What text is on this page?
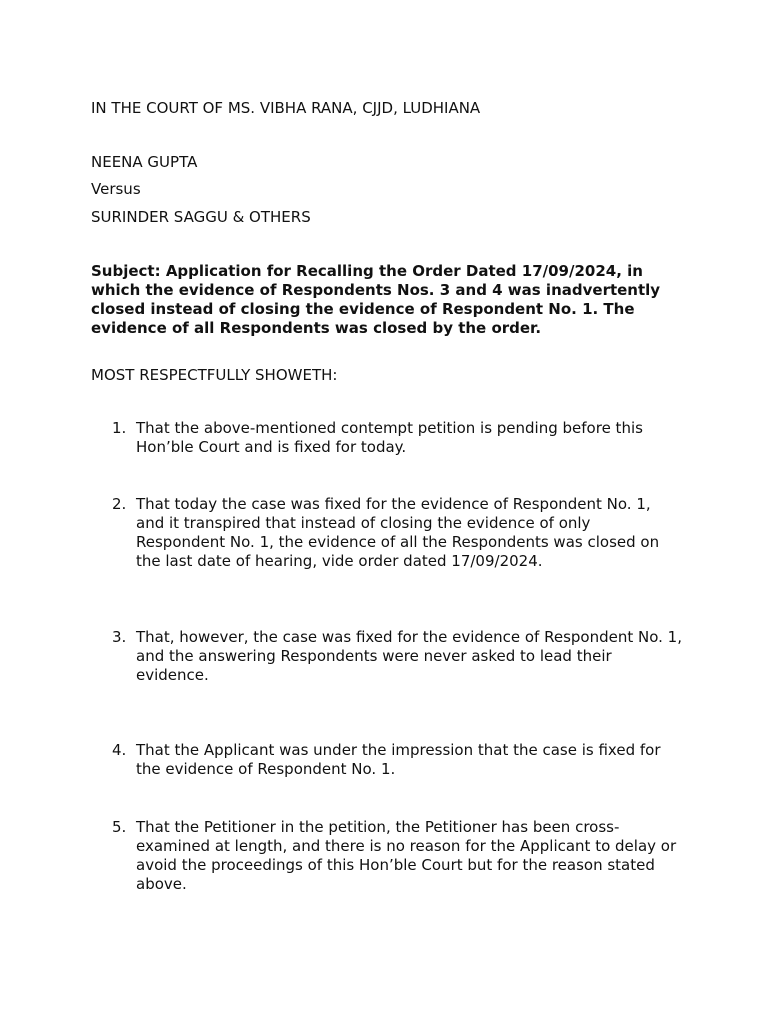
IN THE COURT OF MS. VIBHA RANA, CJJD, LUDHIANA

NEENA GUPTA

Versus

SURINDER SAGGU & OTHERS

Subject: Application for Recalling the Order Dated 17/09/2024, in which the evidence of Respondents Nos. 3 and 4 was inadvertently closed instead of closing the evidence of Respondent No. 1. The evidence of all Respondents was closed by the order.

MOST RESPECTFULLY SHOWETH:

1. That the above-mentioned contempt petition is pending before this Hon’ble Court and is fixed for today.
2. That today the case was fixed for the evidence of Respondent No. 1, and it transpired that instead of closing the evidence of only Respondent No. 1, the evidence of all the Respondents was closed on the last date of hearing, vide order dated 17/09/2024.
3. That, however, the case was fixed for the evidence of Respondent No. 1, and the answering Respondents were never asked to lead their evidence.
4. That the Applicant was under the impression that the case is fixed for the evidence of Respondent No. 1.
5. That the Petitioner in the petition, the Petitioner has been cross-examined at length, and there is no reason for the Applicant to delay or avoid the proceedings of this Hon’ble Court but for the reason stated above.
